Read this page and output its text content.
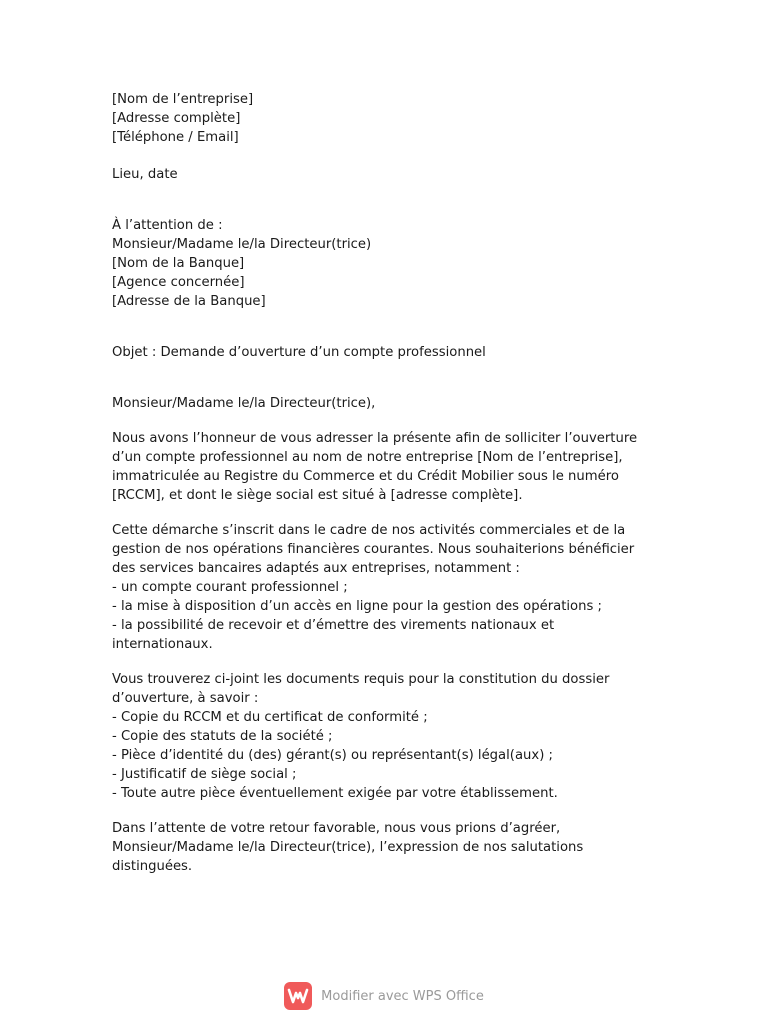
[Nom de l’entreprise]
[Adresse complète]
[Téléphone / Email]
Lieu, date
À l’attention de :
Monsieur/Madame le/la Directeur(trice)
[Nom de la Banque]
[Agence concernée]
[Adresse de la Banque]
Objet : Demande d’ouverture d’un compte professionnel
Monsieur/Madame le/la Directeur(trice),
Nous avons l’honneur de vous adresser la présente afin de solliciter l’ouverture
d’un compte professionnel au nom de notre entreprise [Nom de l’entreprise],
immatriculée au Registre du Commerce et du Crédit Mobilier sous le numéro
[RCCM], et dont le siège social est situé à [adresse complète].
Cette démarche s’inscrit dans le cadre de nos activités commerciales et de la
gestion de nos opérations financières courantes. Nous souhaiterions bénéficier
des services bancaires adaptés aux entreprises, notamment :
- un compte courant professionnel ;
- la mise à disposition d’un accès en ligne pour la gestion des opérations ;
- la possibilité de recevoir et d’émettre des virements nationaux et
internationaux.
Vous trouverez ci-joint les documents requis pour la constitution du dossier
d’ouverture, à savoir :
- Copie du RCCM et du certificat de conformité ;
- Copie des statuts de la société ;
- Pièce d’identité du (des) gérant(s) ou représentant(s) légal(aux) ;
- Justificatif de siège social ;
- Toute autre pièce éventuellement exigée par votre établissement.
Dans l’attente de votre retour favorable, nous vous prions d’agréer,
Monsieur/Madame le/la Directeur(trice), l’expression de nos salutations
distinguées.
Modifier avec WPS Office
